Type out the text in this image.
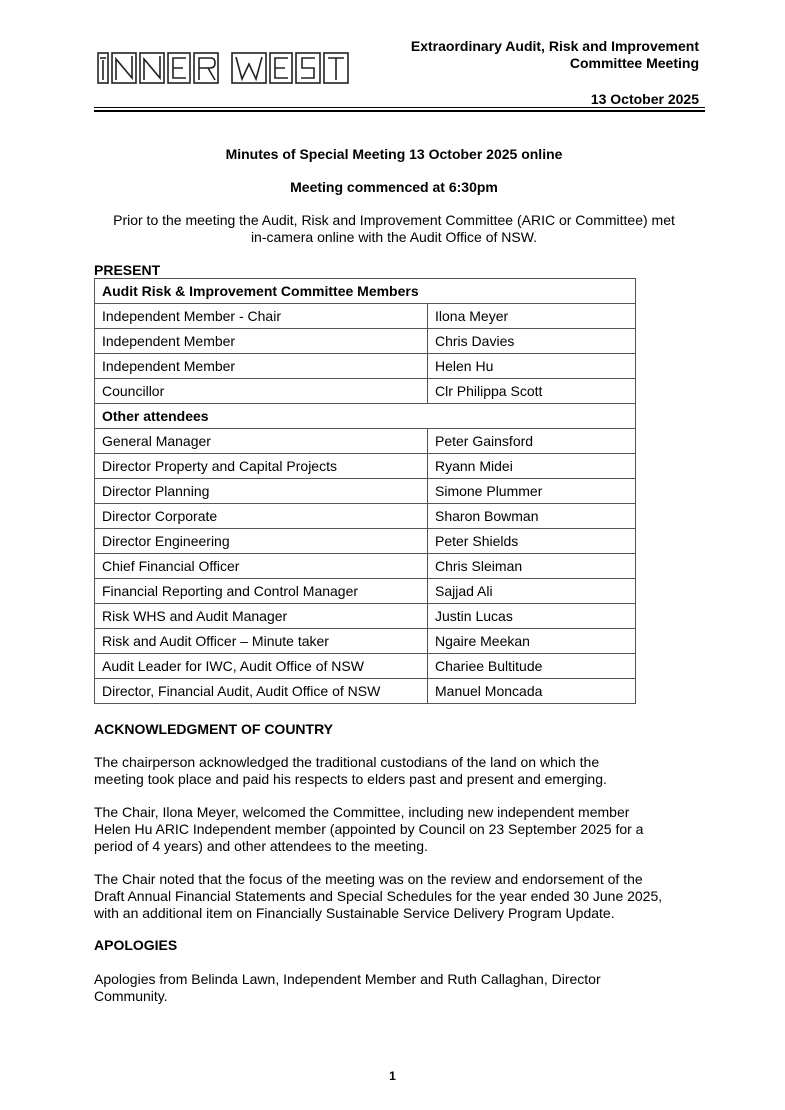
Extraordinary Audit, Risk and Improvement
Committee Meeting
13 October 2025
Minutes of Special Meeting 13 October 2025 online
Meeting commenced at 6:30pm
Prior to the meeting the Audit, Risk and Improvement Committee (ARIC or Committee) met
in-camera online with the Audit Office of NSW.
PRESENT
Audit Risk & Improvement Committee Members	
Independent Member - Chair	Ilona Meyer
Independent Member	Chris Davies
Independent Member	Helen Hu
Councillor	Clr Philippa Scott
Other attendees	
General Manager	Peter Gainsford
Director Property and Capital Projects	Ryann Midei
Director Planning	Simone Plummer
Director Corporate	Sharon Bowman
Director Engineering	Peter Shields
Chief Financial Officer	Chris Sleiman
Financial Reporting and Control Manager	Sajjad Ali
Risk WHS and Audit Manager	Justin Lucas
Risk and Audit Officer – Minute taker	Ngaire Meekan
Audit Leader for IWC, Audit Office of NSW	Chariee Bultitude
Director, Financial Audit, Audit Office of NSW	Manuel Moncada
ACKNOWLEDGMENT OF COUNTRY
The chairperson acknowledged the traditional custodians of the land on which the
meeting took place and paid his respects to elders past and present and emerging.
The Chair, Ilona Meyer, welcomed the Committee, including new independent member
Helen Hu ARIC Independent member (appointed by Council on 23 September 2025 for a
period of 4 years) and other attendees to the meeting.
The Chair noted that the focus of the meeting was on the review and endorsement of the
Draft Annual Financial Statements and Special Schedules for the year ended 30 June 2025,
with an additional item on Financially Sustainable Service Delivery Program Update.
APOLOGIES
Apologies from Belinda Lawn, Independent Member and Ruth Callaghan, Director
Community.
1
